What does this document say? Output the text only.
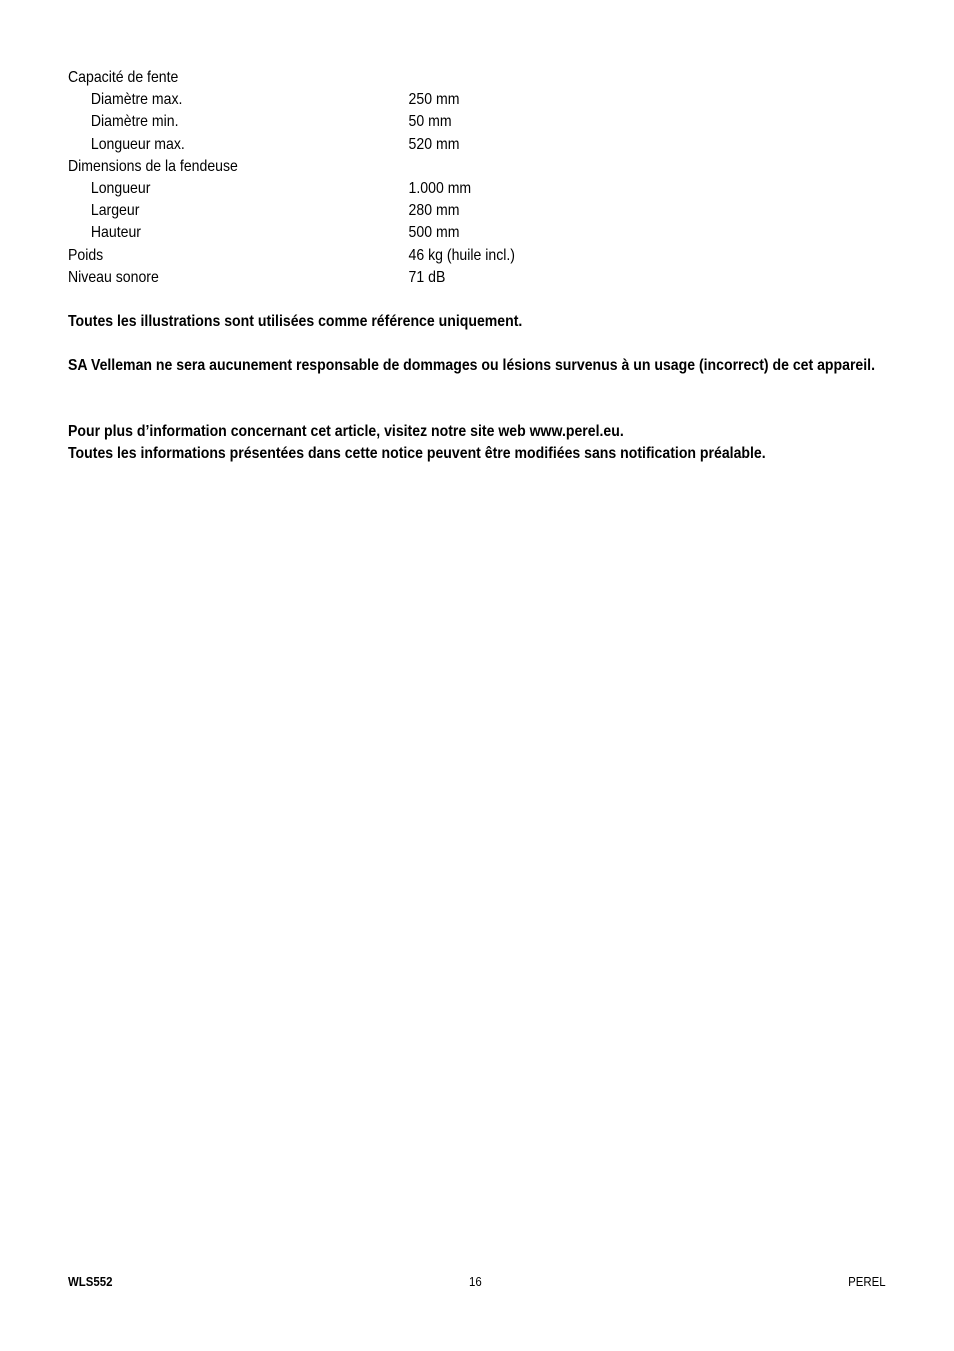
Capacité de fente
Diamètre max.	250 mm
Diamètre min.	50 mm
Longueur max.	520 mm
Dimensions de la fendeuse
Longueur	1.000 mm
Largeur	280 mm
Hauteur	500 mm
Poids	46 kg (huile incl.)
Niveau sonore	71 dB

Toutes les illustrations sont utilisées comme référence uniquement.

SA Velleman ne sera aucunement responsable de dommages ou lésions survenus à un usage (incorrect) de cet appareil.

Pour plus d’information concernant cet article, visitez notre site web www.perel.eu.

Toutes les informations présentées dans cette notice peuvent être modifiées sans notification préalable.

WLS552	16	PEREL
